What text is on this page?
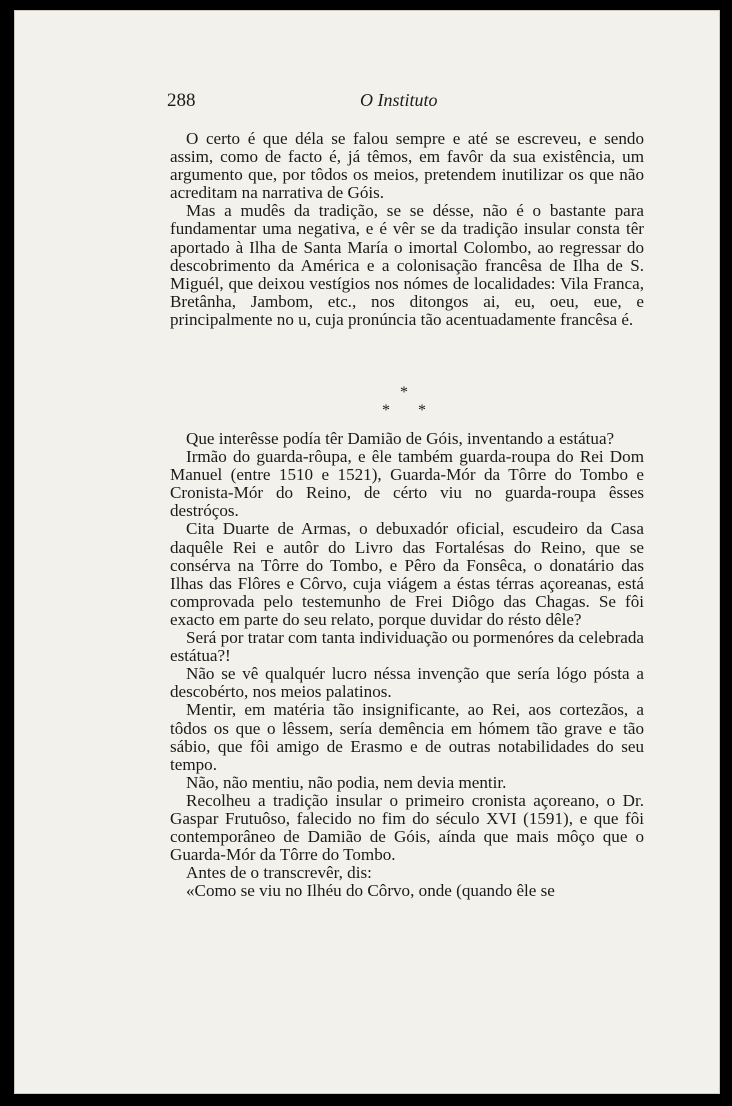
288	O Instituto

O certo é que déla se falou sempre e até se escreveu, e sendo assim, como de facto é, já têmos, em favôr da sua existência, um argumento que, por tôdos os meios, pretendem inutilizar os que não acreditam na narrativa de Góis.

Mas a mudês da tradição, se se désse, não é o bastante para fundamentar uma negativa, e é vêr se da tradição insular consta têr aportado à Ilha de Santa María o imortal Colombo, ao regressar do descobrimento da América e a colonisação francêsa de Ilha de S. Miguél, que deixou vestígios nos nómes de localidades: Vila Franca, Bretânha, Jambom, etc., nos ditongos ai, eu, oeu, eue, e principalmente no u, cuja pronúncia tão acentuadamente francêsa é.

*
* *

Que interêsse podía têr Damião de Góis, inventando a estátua?

Irmão do guarda-rôupa, e êle também guarda-roupa do Rei Dom Manuel (entre 1510 e 1521), Guarda-Mór da Tôrre do Tombo e Cronista-Mór do Reino, de cérto viu no guarda-roupa êsses destróços.

Cita Duarte de Armas, o debuxadór oficial, escudeiro da Casa daquêle Rei e autôr do Livro das Fortalésas do Reino, que se consérva na Tôrre do Tombo, e Pêro da Fonsêca, o donatário das Ilhas das Flôres e Côrvo, cuja viágem a éstas térras açoreanas, está comprovada pelo testemunho de Frei Diôgo das Chagas. Se fôi exacto em parte do seu relato, porque duvidar do résto dêle?

Será por tratar com tanta individuação ou pormenóres da celebrada estátua?!

Não se vê qualquér lucro néssa invenção que sería lógo pósta a descobérto, nos meios palatinos.

Mentir, em matéria tão insignificante, ao Rei, aos cortezãos, a tôdos os que o lêssem, sería demência em hómem tão grave e tão sábio, que fôi amigo de Erasmo e de outras notabilidades do seu tempo.

Não, não mentiu, não podia, nem devia mentir.

Recolheu a tradição insular o primeiro cronista açoreano, o Dr. Gaspar Frutuôso, falecido no fim do século XVI (1591), e que fôi contemporâneo de Damião de Góis, aínda que mais môço que o Guarda-Mór da Tôrre do Tombo.

Antes de o transcrevêr, dis:

«Como se viu no Ilhéu do Côrvo, onde (quando êle se
